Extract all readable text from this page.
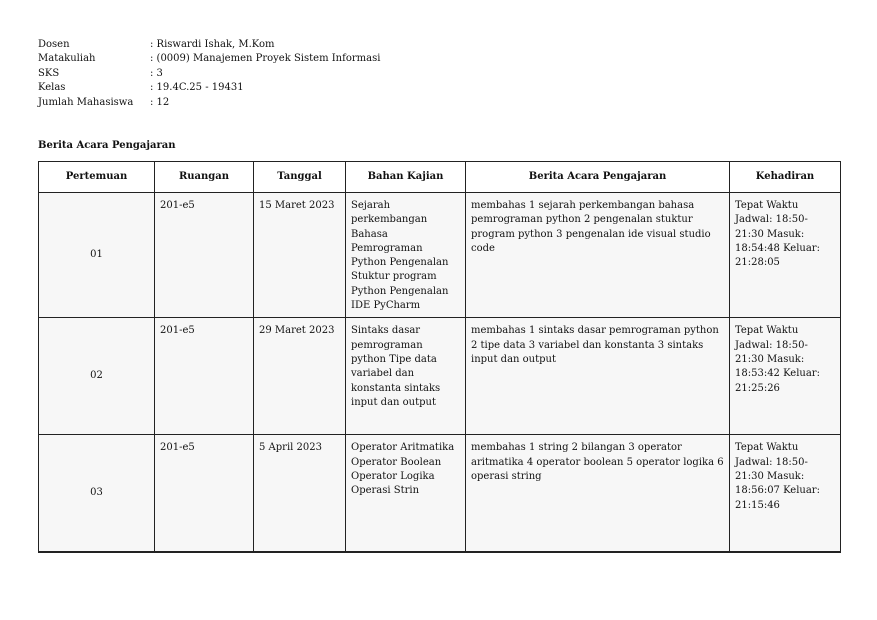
Dosen	: Riswardi Ishak, M.Kom
Matakuliah	: (0009) Manajemen Proyek Sistem Informasi
SKS	: 3
Kelas	: 19.4C.25 - 19431
Jumlah Mahasiswa	: 12
Berita Acara Pengajaran
Pertemuan	Ruangan	Tanggal	Bahan Kajian	Berita Acara Pengajaran	Kehadiran
01	201-e5	15 Maret 2023	Sejarah perkembangan Bahasa Pemrograman Python Pengenalan Stuktur program Python Pengenalan IDE PyCharm	membahas 1 sejarah perkembangan bahasa pemrograman python 2 pengenalan stuktur program python 3 pengenalan ide visual studio code	Tepat Waktu Jadwal: 18:50-21:30 Masuk: 18:54:48 Keluar: 21:28:05
02	201-e5	29 Maret 2023	Sintaks dasar pemrograman python Tipe data variabel dan konstanta sintaks input dan output	membahas 1 sintaks dasar pemrograman python 2 tipe data 3 variabel dan konstanta 3 sintaks input dan output	Tepat Waktu Jadwal: 18:50-21:30 Masuk: 18:53:42 Keluar: 21:25:26
03	201-e5	5 April 2023	Operator Aritmatika Operator Boolean Operator Logika Operasi Strin	membahas 1 string 2 bilangan 3 operator aritmatika 4 operator boolean 5 operator logika 6 operasi string	Tepat Waktu Jadwal: 18:50-21:30 Masuk: 18:56:07 Keluar: 21:15:46
